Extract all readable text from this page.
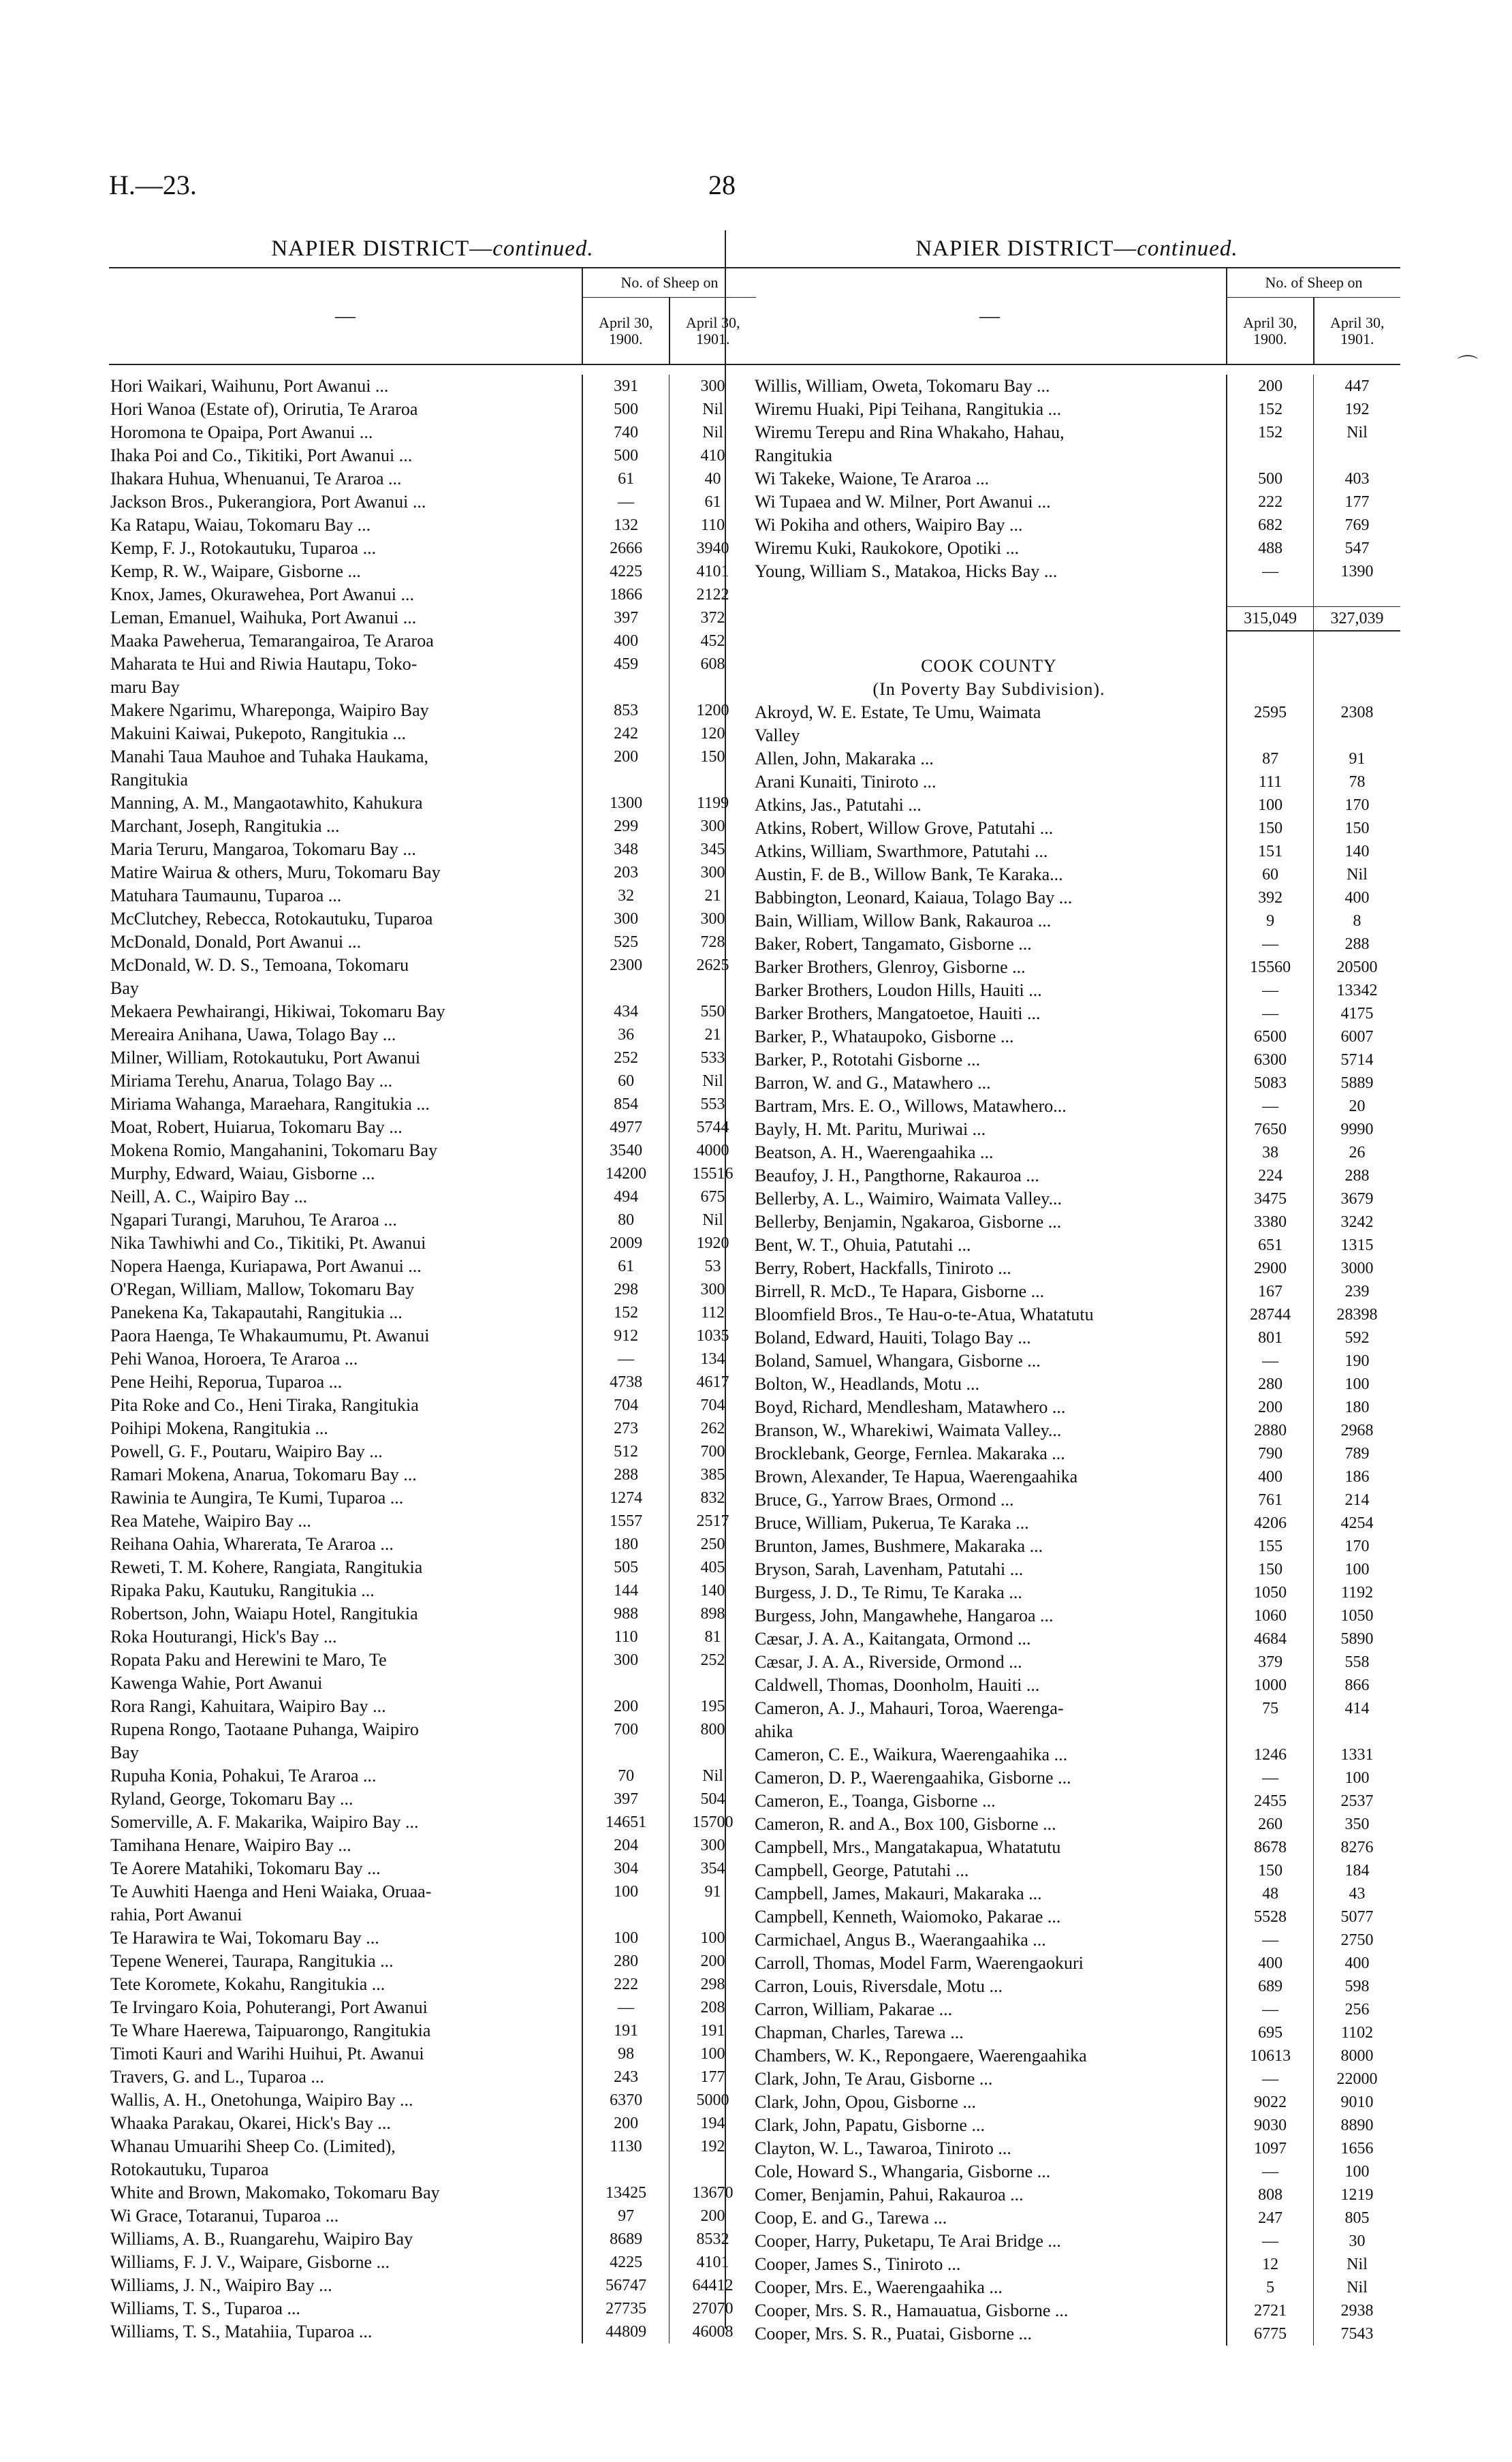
H.—23.	28
⌒
NAPIER DISTRICT—continued.
—	No. of Sheep on	
	April 30, 1900.	April 30, 1901.
Hori Waikari, Waihunu, Port Awanui ...	391	300
Hori Wanoa (Estate of), Orirutia, Te Araroa	500	Nil
Horomona te Opaipa, Port Awanui ...	740	Nil
Ihaka Poi and Co., Tikitiki, Port Awanui ...	500	410
Ihakara Huhua, Whenuanui, Te Araroa ...	61	40
Jackson Bros., Pukerangiora, Port Awanui ...	—	61
Ka Ratapu, Waiau, Tokomaru Bay ...	132	110
Kemp, F. J., Rotokautuku, Tuparoa ...	2666	3940
Kemp, R. W., Waipare, Gisborne ...	4225	4101
Knox, James, Okurawehea, Port Awanui ...	1866	2122
Leman, Emanuel, Waihuka, Port Awanui ...	397	372
Maaka Paweherua, Temarangairoa, Te Araroa	400	452
Maharata te Hui and Riwia Hautapu, Toko-	459	608
maru Bay		
Makere Ngarimu, Whareponga, Waipiro Bay	853	1200
Makuini Kaiwai, Pukepoto, Rangitukia ...	242	120
Manahi Taua Mauhoe and Tuhaka Haukama,	200	150
Rangitukia		
Manning, A. M., Mangaotawhito, Kahukura	1300	1199
Marchant, Joseph, Rangitukia ...	299	300
Maria Teruru, Mangaroa, Tokomaru Bay ...	348	345
Matire Wairua & others, Muru, Tokomaru Bay	203	300
Matuhara Taumaunu, Tuparoa ...	32	21
McClutchey, Rebecca, Rotokautuku, Tuparoa	300	300
McDonald, Donald, Port Awanui ...	525	728
McDonald, W. D. S., Temoana, Tokomaru	2300	2625
Bay		
Mekaera Pewhairangi, Hikiwai, Tokomaru Bay	434	550
Mereaira Anihana, Uawa, Tolago Bay ...	36	21
Milner, William, Rotokautuku, Port Awanui	252	533
Miriama Terehu, Anarua, Tolago Bay ...	60	Nil
Miriama Wahanga, Maraehara, Rangitukia ...	854	553
Moat, Robert, Huiarua, Tokomaru Bay ...	4977	5744
Mokena Romio, Mangahanini, Tokomaru Bay	3540	4000
Murphy, Edward, Waiau, Gisborne ...	14200	15516
Neill, A. C., Waipiro Bay ...	494	675
Ngapari Turangi, Maruhou, Te Araroa ...	80	Nil
Nika Tawhiwhi and Co., Tikitiki, Pt. Awanui	2009	1920
Nopera Haenga, Kuriapawa, Port Awanui ...	61	53
O'Regan, William, Mallow, Tokomaru Bay	298	300
Panekena Ka, Takapautahi, Rangitukia ...	152	112
Paora Haenga, Te Whakaumumu, Pt. Awanui	912	1035
Pehi Wanoa, Horoera, Te Araroa ...	—	134
Pene Heihi, Reporua, Tuparoa ...	4738	4617
Pita Roke and Co., Heni Tiraka, Rangitukia	704	704
Poihipi Mokena, Rangitukia ...	273	262
Powell, G. F., Poutaru, Waipiro Bay ...	512	700
Ramari Mokena, Anarua, Tokomaru Bay ...	288	385
Rawinia te Aungira, Te Kumi, Tuparoa ...	1274	832
Rea Matehe, Waipiro Bay ...	1557	2517
Reihana Oahia, Wharerata, Te Araroa ...	180	250
Reweti, T. M. Kohere, Rangiata, Rangitukia	505	405
Ripaka Paku, Kautuku, Rangitukia ...	144	140
Robertson, John, Waiapu Hotel, Rangitukia	988	898
Roka Houturangi, Hick's Bay ...	110	81
Ropata Paku and Herewini te Maro, Te	300	252
Kawenga Wahie, Port Awanui		
Rora Rangi, Kahuitara, Waipiro Bay ...	200	195
Rupena Rongo, Taotaane Puhanga, Waipiro	700	800
Bay		
Rupuha Konia, Pohakui, Te Araroa ...	70	Nil
Ryland, George, Tokomaru Bay ...	397	504
Somerville, A. F. Makarika, Waipiro Bay ...	14651	15700
Tamihana Henare, Waipiro Bay ...	204	300
Te Aorere Matahiki, Tokomaru Bay ...	304	354
Te Auwhiti Haenga and Heni Waiaka, Oruaa-	100	91
rahia, Port Awanui		
Te Harawira te Wai, Tokomaru Bay ...	100	100
Tepene Wenerei, Taurapa, Rangitukia ...	280	200
Tete Koromete, Kokahu, Rangitukia ...	222	298
Te Irvingaro Koia, Pohuterangi, Port Awanui	—	208
Te Whare Haerewa, Taipuarongo, Rangitukia	191	191
Timoti Kauri and Warihi Huihui, Pt. Awanui	98	100
Travers, G. and L., Tuparoa ...	243	177
Wallis, A. H., Onetohunga, Waipiro Bay ...	6370	5000
Whaaka Parakau, Okarei, Hick's Bay ...	200	194
Whanau Umuarihi Sheep Co. (Limited),	1130	192
Rotokautuku, Tuparoa		
White and Brown, Makomako, Tokomaru Bay	13425	13670
Wi Grace, Totaranui, Tuparoa ...	97	200
Williams, A. B., Ruangarehu, Waipiro Bay	8689	8532
Williams, F. J. V., Waipare, Gisborne ...	4225	4101
Williams, J. N., Waipiro Bay ...	56747	64412
Williams, T. S., Tuparoa ...	27735	27070
Williams, T. S., Matahiia, Tuparoa ...	44809	46008
NAPIER DISTRICT—continued.
—	No. of Sheep on	
	April 30, 1900.	April 30, 1901.
Willis, William, Oweta, Tokomaru Bay ...	200	447
Wiremu Huaki, Pipi Teihana, Rangitukia ...	152	192
Wiremu Terepu and Rina Whakaho, Hahau,	152	Nil
Rangitukia		
Wi Takeke, Waione, Te Araroa ...	500	403
Wi Tupaea and W. Milner, Port Awanui ...	222	177
Wi Pokiha and others, Waipiro Bay ...	682	769
Wiremu Kuki, Raukokore, Opotiki ...	488	547
Young, William S., Matakoa, Hicks Bay ...	—	1390

	315,049	327,039

COOK COUNTY		
(In Poverty Bay Subdivision).		
Akroyd, W. E. Estate, Te Umu, Waimata	2595	2308
Valley		
Allen, John, Makaraka ...	87	91
Arani Kunaiti, Tiniroto ...	111	78
Atkins, Jas., Patutahi ...	100	170
Atkins, Robert, Willow Grove, Patutahi ...	150	150
Atkins, William, Swarthmore, Patutahi ...	151	140
Austin, F. de B., Willow Bank, Te Karaka...	60	Nil
Babbington, Leonard, Kaiaua, Tolago Bay ...	392	400
Bain, William, Willow Bank, Rakauroa ...	9	8
Baker, Robert, Tangamato, Gisborne ...	—	288
Barker Brothers, Glenroy, Gisborne ...	15560	20500
Barker Brothers, Loudon Hills, Hauiti ...	—	13342
Barker Brothers, Mangatoetoe, Hauiti ...	—	4175
Barker, P., Whataupoko, Gisborne ...	6500	6007
Barker, P., Rototahi Gisborne ...	6300	5714
Barron, W. and G., Matawhero ...	5083	5889
Bartram, Mrs. E. O., Willows, Matawhero...	—	20
Bayly, H. Mt. Paritu, Muriwai ...	7650	9990
Beatson, A. H., Waerengaahika ...	38	26
Beaufoy, J. H., Pangthorne, Rakauroa ...	224	288
Bellerby, A. L., Waimiro, Waimata Valley...	3475	3679
Bellerby, Benjamin, Ngakaroa, Gisborne ...	3380	3242
Bent, W. T., Ohuia, Patutahi ...	651	1315
Berry, Robert, Hackfalls, Tiniroto ...	2900	3000
Birrell, R. McD., Te Hapara, Gisborne ...	167	239
Bloomfield Bros., Te Hau-o-te-Atua, Whatatutu	28744	28398
Boland, Edward, Hauiti, Tolago Bay ...	801	592
Boland, Samuel, Whangara, Gisborne ...	—	190
Bolton, W., Headlands, Motu ...	280	100
Boyd, Richard, Mendlesham, Matawhero ...	200	180
Branson, W., Wharekiwi, Waimata Valley...	2880	2968
Brocklebank, George, Fernlea. Makaraka ...	790	789
Brown, Alexander, Te Hapua, Waerengaahika	400	186
Bruce, G., Yarrow Braes, Ormond ...	761	214
Bruce, William, Pukerua, Te Karaka ...	4206	4254
Brunton, James, Bushmere, Makaraka ...	155	170
Bryson, Sarah, Lavenham, Patutahi ...	150	100
Burgess, J. D., Te Rimu, Te Karaka ...	1050	1192
Burgess, John, Mangawhehe, Hangaroa ...	1060	1050
Cæsar, J. A. A., Kaitangata, Ormond ...	4684	5890
Cæsar, J. A. A., Riverside, Ormond ...	379	558
Caldwell, Thomas, Doonholm, Hauiti ...	1000	866
Cameron, A. J., Mahauri, Toroa, Waerenga-	75	414
ahika		
Cameron, C. E., Waikura, Waerengaahika ...	1246	1331
Cameron, D. P., Waerengaahika, Gisborne ...	—	100
Cameron, E., Toanga, Gisborne ...	2455	2537
Cameron, R. and A., Box 100, Gisborne ...	260	350
Campbell, Mrs., Mangatakapua, Whatatutu	8678	8276
Campbell, George, Patutahi ...	150	184
Campbell, James, Makauri, Makaraka ...	48	43
Campbell, Kenneth, Waiomoko, Pakarae ...	5528	5077
Carmichael, Angus B., Waerangaahika ...	—	2750
Carroll, Thomas, Model Farm, Waerengaokuri	400	400
Carron, Louis, Riversdale, Motu ...	689	598
Carron, William, Pakarae ...	—	256
Chapman, Charles, Tarewa ...	695	1102
Chambers, W. K., Repongaere, Waerengaahika	10613	8000
Clark, John, Te Arau, Gisborne ...	—	22000
Clark, John, Opou, Gisborne ...	9022	9010
Clark, John, Papatu, Gisborne ...	9030	8890
Clayton, W. L., Tawaroa, Tiniroto ...	1097	1656
Cole, Howard S., Whangaria, Gisborne ...	—	100
Comer, Benjamin, Pahui, Rakauroa ...	808	1219
Coop, E. and G., Tarewa ...	247	805
Cooper, Harry, Puketapu, Te Arai Bridge ...	—	30
Cooper, James S., Tiniroto ...	12	Nil
Cooper, Mrs. E., Waerengaahika ...	5	Nil
Cooper, Mrs. S. R., Hamauatua, Gisborne ...	2721	2938
Cooper, Mrs. S. R., Puatai, Gisborne ...	6775	7543
